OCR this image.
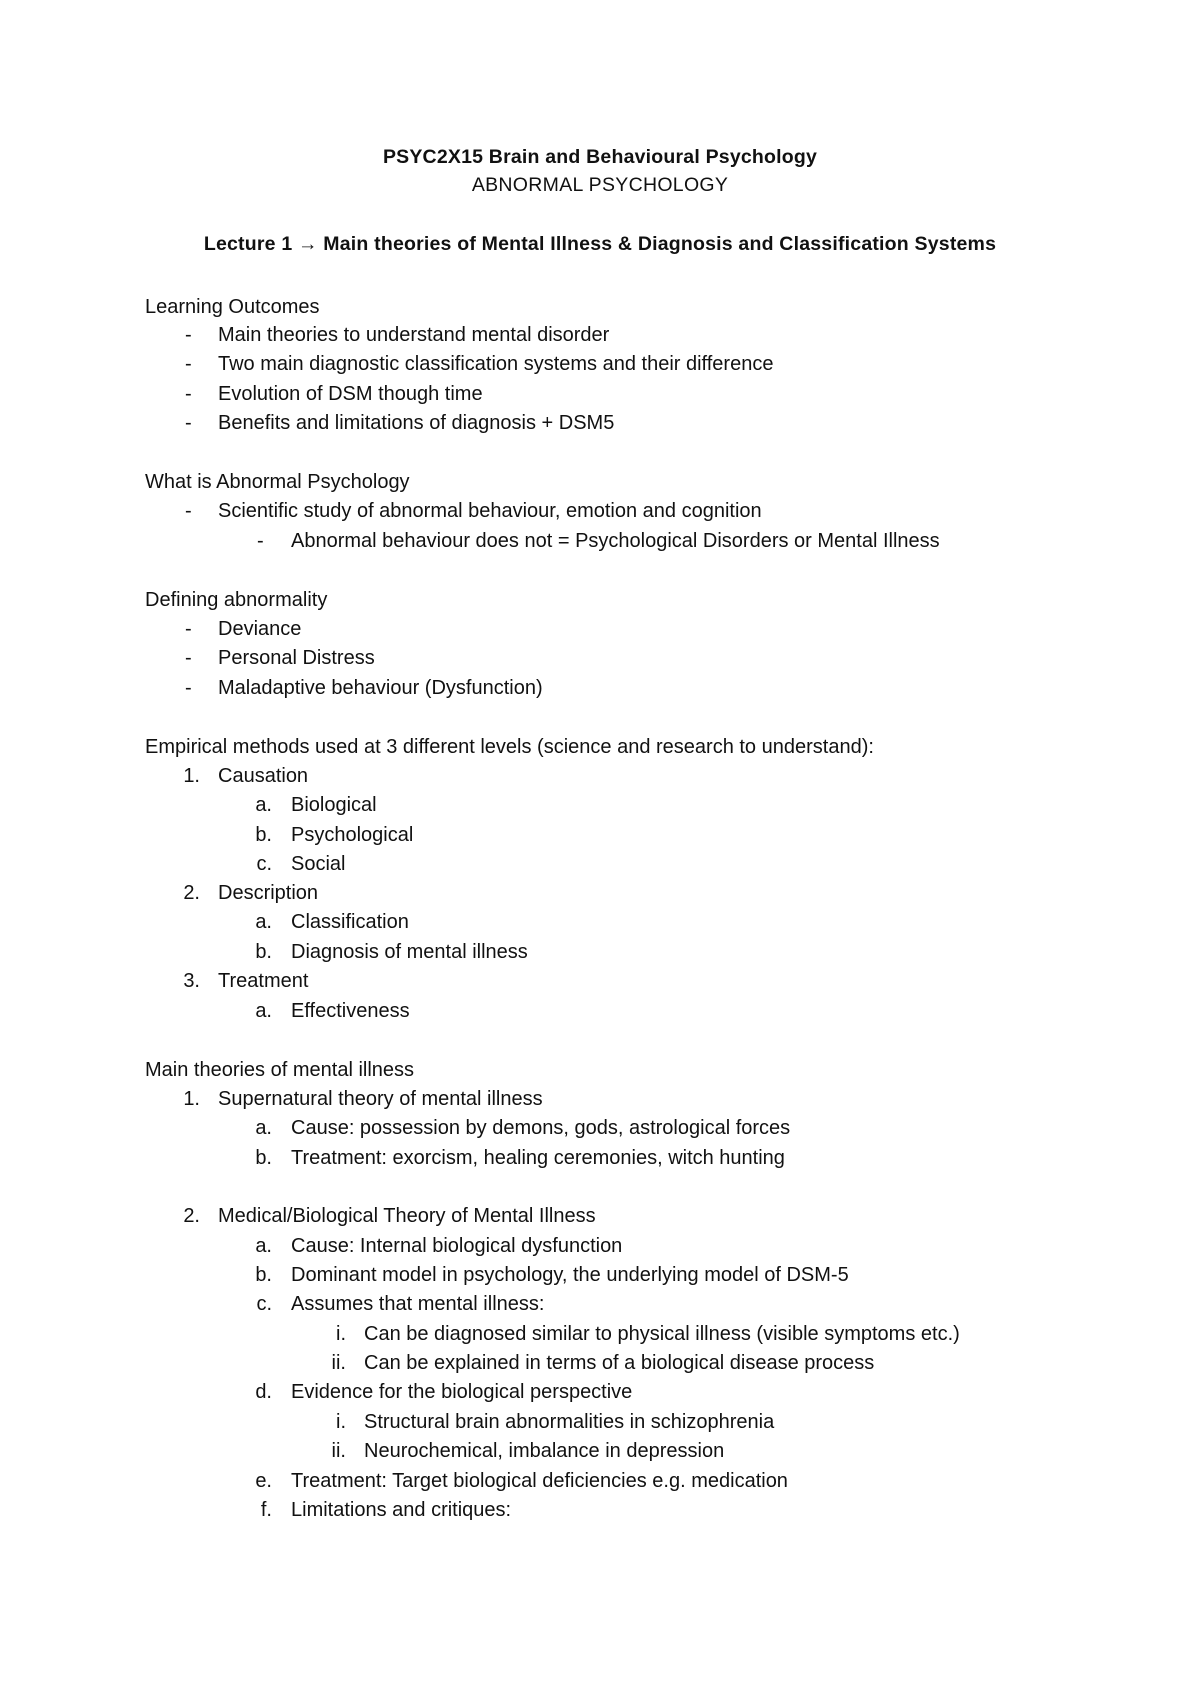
PSYC2X15 Brain and Behavioural Psychology
ABNORMAL PSYCHOLOGY
Lecture 1 → Main theories of Mental Illness & Diagnosis and Classification Systems
Learning Outcomes
- Main theories to understand mental disorder
- Two main diagnostic classification systems and their difference
- Evolution of DSM though time
- Benefits and limitations of diagnosis + DSM5
What is Abnormal Psychology
- Scientific study of abnormal behaviour, emotion and cognition
- Abnormal behaviour does not = Psychological Disorders or Mental Illness
Defining abnormality
- Deviance
- Personal Distress
- Maladaptive behaviour (Dysfunction)
Empirical methods used at 3 different levels (science and research to understand):
1. Causation
a. Biological
b. Psychological
c. Social
2. Description
a. Classification
b. Diagnosis of mental illness
3. Treatment
a. Effectiveness
Main theories of mental illness
1. Supernatural theory of mental illness
a. Cause: possession by demons, gods, astrological forces
b. Treatment: exorcism, healing ceremonies, witch hunting
2. Medical/Biological Theory of Mental Illness
a. Cause: Internal biological dysfunction
b. Dominant model in psychology, the underlying model of DSM-5
c. Assumes that mental illness:
i. Can be diagnosed similar to physical illness (visible symptoms etc.)
ii. Can be explained in terms of a biological disease process
d. Evidence for the biological perspective
i. Structural brain abnormalities in schizophrenia
ii. Neurochemical, imbalance in depression
e. Treatment: Target biological deficiencies e.g. medication
f. Limitations and critiques:
